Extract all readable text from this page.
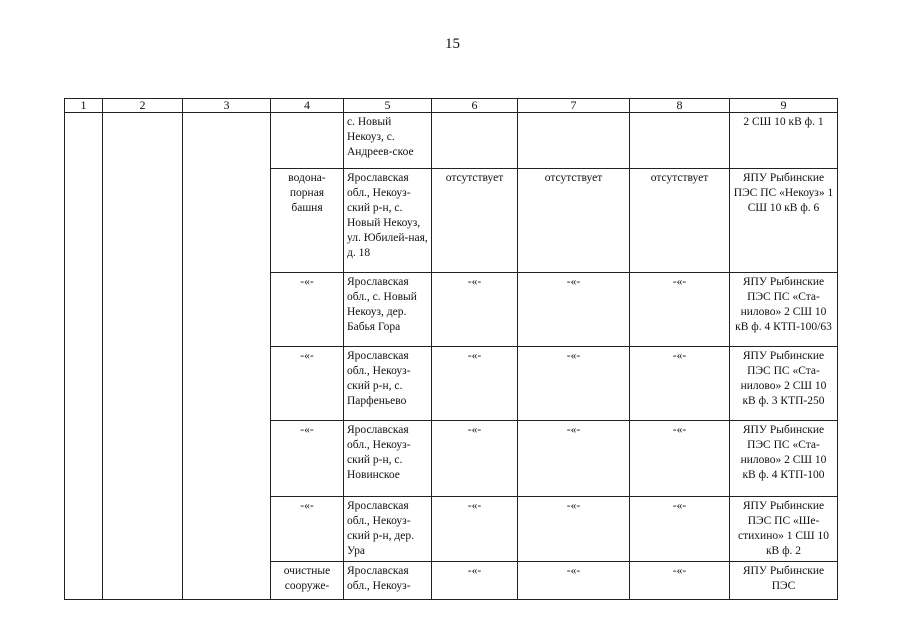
15
1	2	3	4	5	6	7	8	9
				с. Новый Некоуз, с. Андреев-ское				2 СШ 10 кВ ф. 1
			водона-порная башня	Ярославская обл., Некоуз-ский р-н, с. Новый Некоуз, ул. Юбилей-ная, д. 18	отсутствует	отсутствует	отсутствует	ЯПУ Рыбинские ПЭС ПС «Некоуз» 1 СШ 10 кВ ф. 6
			-«-	Ярославская обл., с. Новый Некоуз, дер. Бабья Гора	-«-	-«-	-«-	ЯПУ Рыбинские ПЭС ПС «Ста-нилово» 2 СШ 10 кВ ф. 4 КТП-100/63
			-«-	Ярославская обл., Некоуз-ский р-н, с. Парфеньево	-«-	-«-	-«-	ЯПУ Рыбинские ПЭС ПС «Ста-нилово» 2 СШ 10 кВ ф. 3 КТП-250
			-«-	Ярославская обл., Некоуз-ский р-н, с. Новинское	-«-	-«-	-«-	ЯПУ Рыбинские ПЭС ПС «Ста-нилово» 2 СШ 10 кВ ф. 4 КТП-100
			-«-	Ярославская обл., Некоуз-ский р-н, дер. Ура	-«-	-«-	-«-	ЯПУ Рыбинские ПЭС ПС «Ше-стихино» 1 СШ 10 кВ ф. 2
			очистные сооруже-	Ярославская обл., Некоуз-	-«-	-«-	-«-	ЯПУ Рыбинские ПЭС
